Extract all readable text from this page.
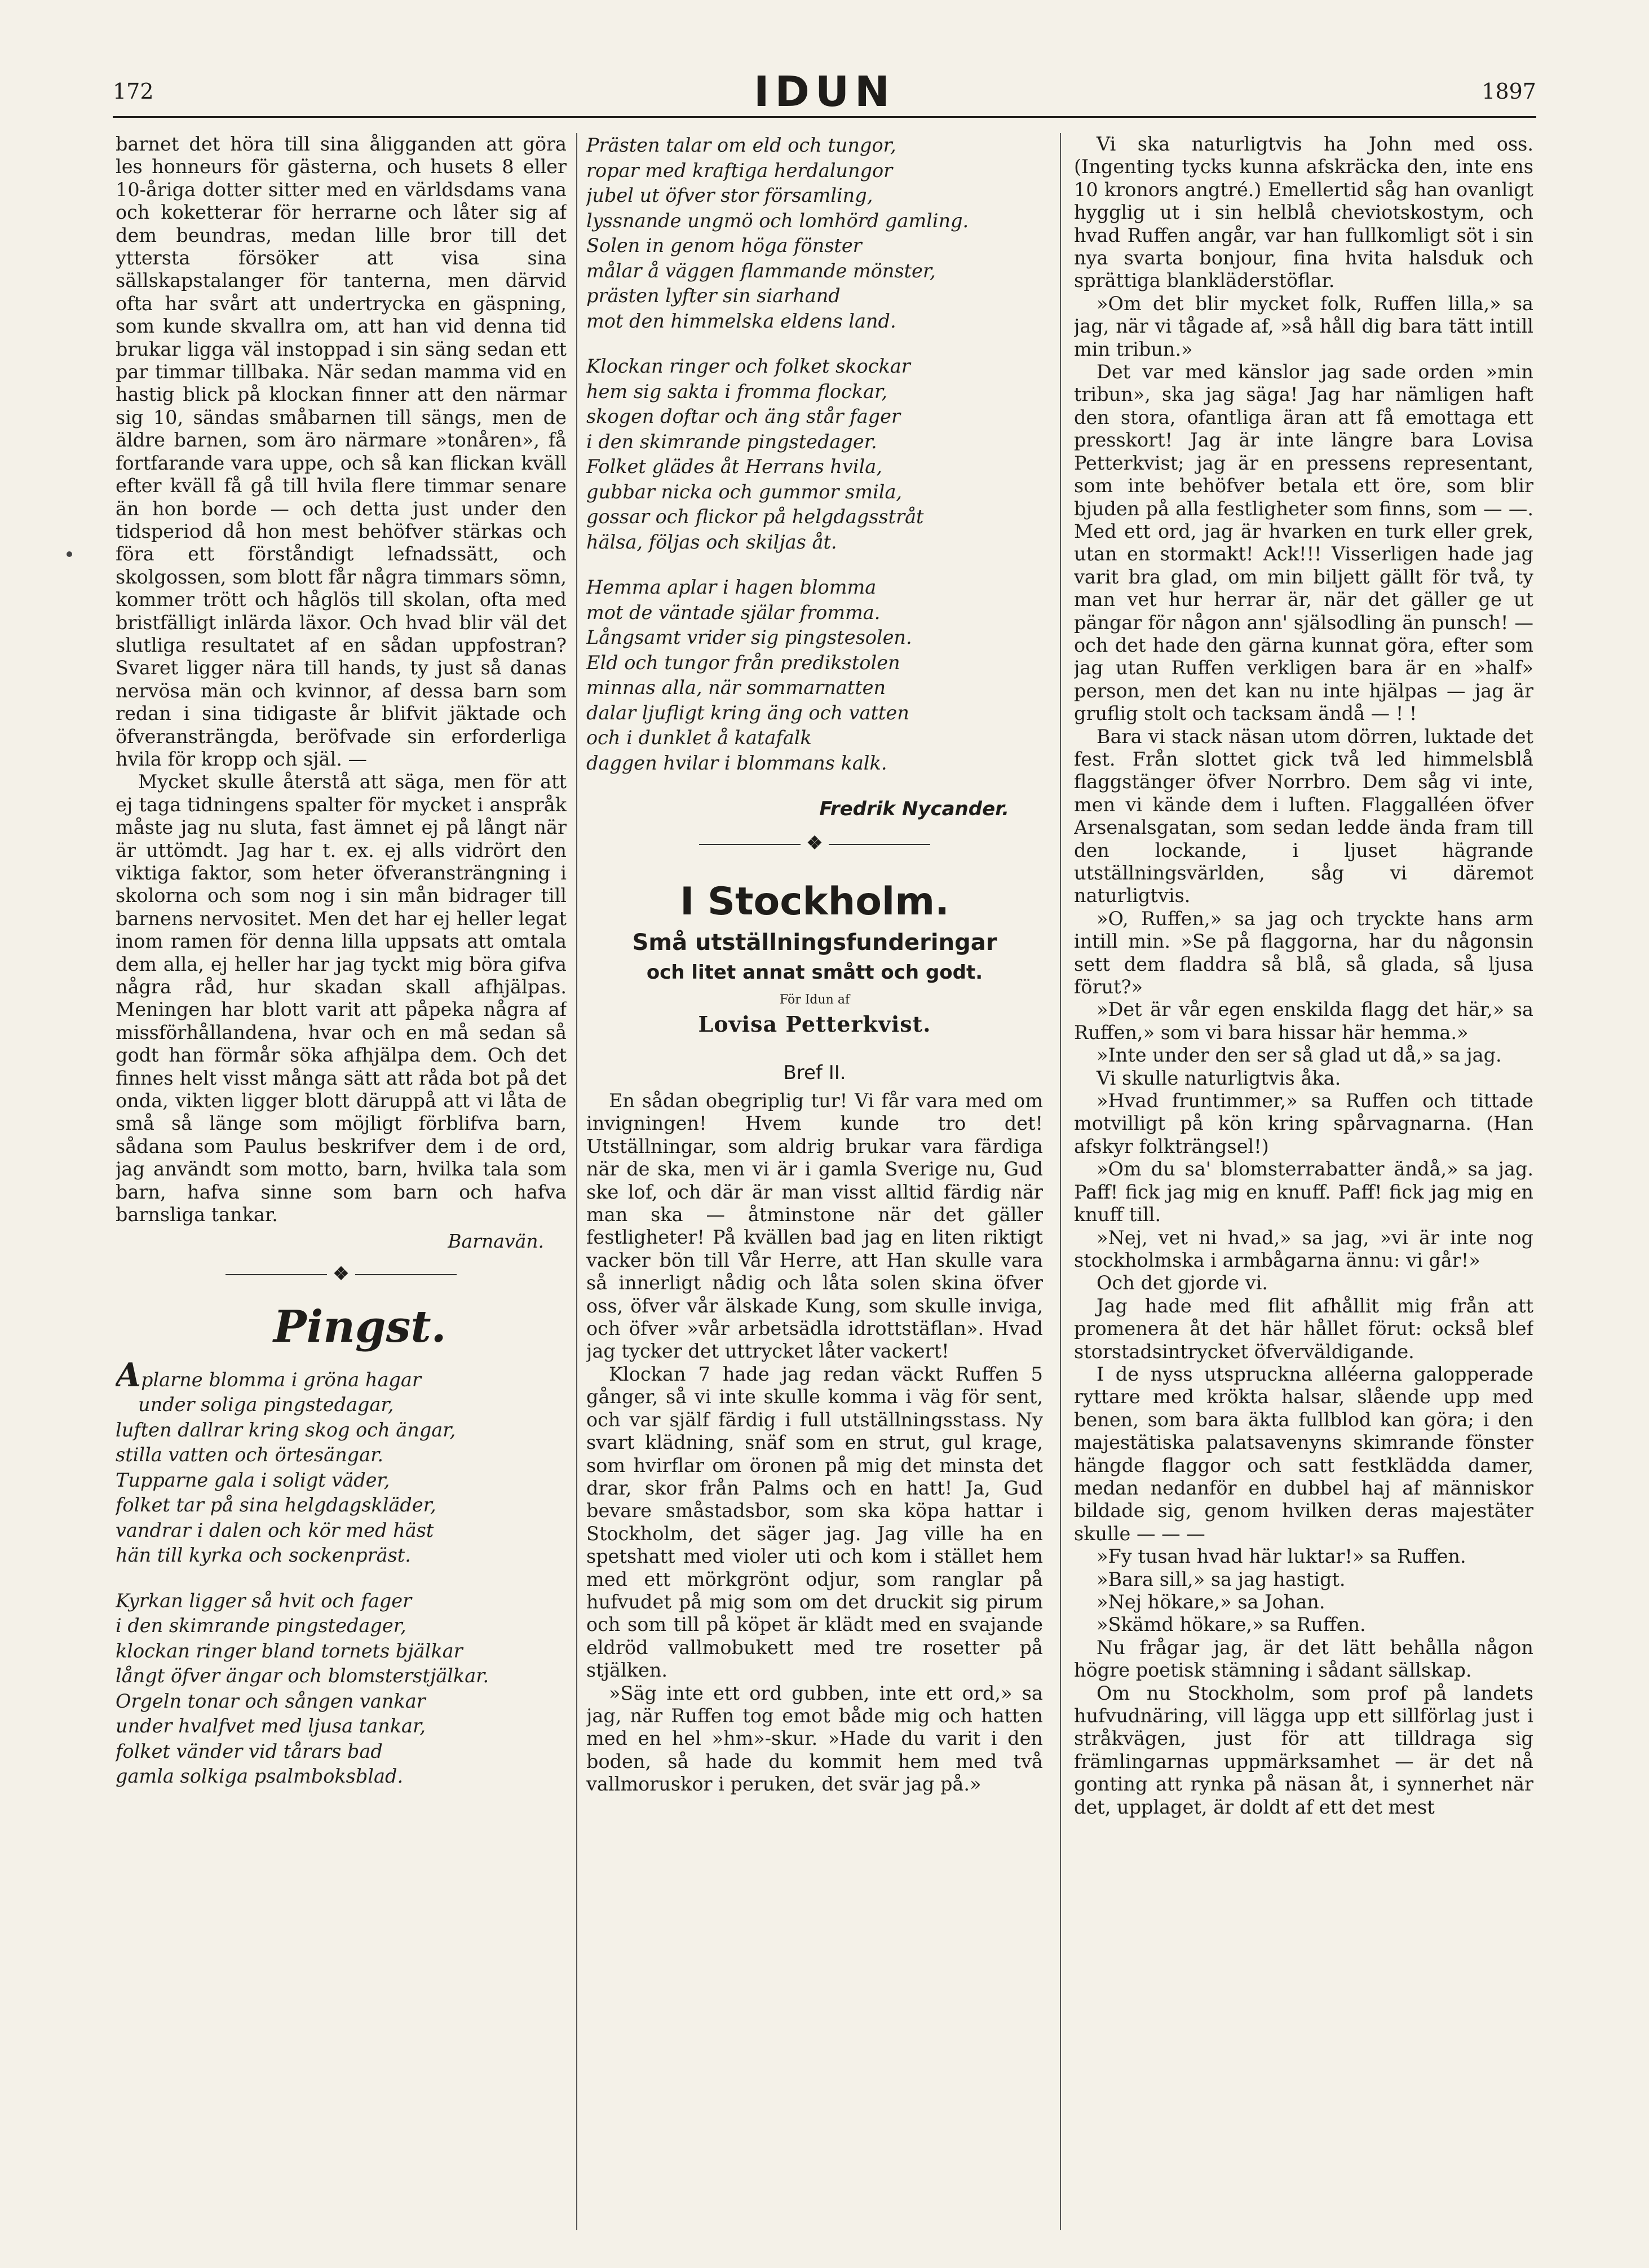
172	IDUN	1897

barnet det höra till sina åligganden att göra les honneurs för gästerna, och husets 8 eller 10-åriga dotter sitter med en världsdams vana och koketterar för herrarne och låter sig af dem beundras, medan lille bror till det yttersta försöker att visa sina sällskapstalanger för tanterna, men därvid ofta har svårt att undertrycka en gäspning, som kunde skvallra om, att han vid denna tid brukar ligga väl instoppad i sin säng sedan ett par timmar tillbaka. När sedan mamma vid en hastig blick på klockan finner att den närmar sig 10, sändas småbarnen till sängs, men de äldre barnen, som äro närmare »tonåren», få fortfarande vara uppe, och så kan flickan kväll efter kväll få gå till hvila flere timmar senare än hon borde — och detta just under den tidsperiod då hon mest behöfver stärkas och föra ett förståndigt lefnadssätt, och skolgossen, som blott får några timmars sömn, kommer trött och håglös till skolan, ofta med bristfälligt inlärda läxor. Och hvad blir väl det slutliga resultatet af en sådan uppfostran? Svaret ligger nära till hands, ty just så danas nervösa män och kvinnor, af dessa barn som redan i sina tidigaste år blifvit jäktade och öfveransträngda, beröfvade sin erforderliga hvila för kropp och själ. —

Mycket skulle återstå att säga, men för att ej taga tidningens spalter för mycket i anspråk måste jag nu sluta, fast ämnet ej på långt när är uttömdt. Jag har t. ex. ej alls vidrört den viktiga faktor, som heter öfveransträngning i skolorna och som nog i sin mån bidrager till barnens nervositet. Men det har ej heller legat inom ramen för denna lilla uppsats att omtala dem alla, ej heller har jag tyckt mig böra gifva några råd, hur skadan skall afhjälpas. Meningen har blott varit att påpeka några af missförhållandena, hvar och en må sedan så godt han förmår söka afhjälpa dem. Och det finnes helt visst många sätt att råda bot på det onda, vikten ligger blott däruppå att vi låta de små så länge som möjligt förblifva barn, sådana som Paulus beskrifver dem i de ord, jag användt som motto, barn, hvilka tala som barn, hafva sinne som barn och hafva barnsliga tankar.

Barnavän.
❖
Pingst.
Aplarne blomma i gröna hagar
under soliga pingstedagar,
luften dallrar kring skog och ängar,
stilla vatten och örtesängar.
Tupparne gala i soligt väder,
folket tar på sina helgdagskläder,
vandrar i dalen och kör med häst
hän till kyrka och sockenpräst.
Kyrkan ligger så hvit och fager
i den skimrande pingstedager,
klockan ringer bland tornets bjälkar
långt öfver ängar och blomsterstjälkar.
Orgeln tonar och sången vankar
under hvalfvet med ljusa tankar,
folket vänder vid tårars bad
gamla solkiga psalmboksblad.
Prästen talar om eld och tungor,
ropar med kraftiga herdalungor
jubel ut öfver stor församling,
lyssnande ungmö och lomhörd gamling.
Solen in genom höga fönster
målar å väggen flammande mönster,
prästen lyfter sin siarhand
mot den himmelska eldens land.
Klockan ringer och folket skockar
hem sig sakta i fromma flockar,
skogen doftar och äng står fager
i den skimrande pingstedager.
Folket glädes åt Herrans hvila,
gubbar nicka och gummor smila,
gossar och flickor på helgdagsstråt
hälsa, följas och skiljas åt.
Hemma aplar i hagen blomma
mot de väntade själar fromma.
Långsamt vrider sig pingstesolen.
Eld och tungor från predikstolen
minnas alla, när sommarnatten
dalar ljufligt kring äng och vatten
och i dunklet å katafalk
daggen hvilar i blommans kalk.
Fredrik Nycander.
❖
I Stockholm.
Små utställningsfunderingar
och litet annat smått och godt.
För Idun af
Lovisa Petterkvist.
Bref II.

En sådan obegriplig tur! Vi får vara med om invigningen! Hvem kunde tro det! Utställningar, som aldrig brukar vara färdiga när de ska, men vi är i gamla Sverige nu, Gud ske lof, och där är man visst alltid färdig när man ska — åtminstone när det gäller festligheter! På kvällen bad jag en liten riktigt vacker bön till Vår Herre, att Han skulle vara så innerligt nådig och låta solen skina öfver oss, öfver vår älskade Kung, som skulle inviga, och öfver »vår arbetsädla idrottstäflan». Hvad jag tycker det uttrycket låter vackert!

Klockan 7 hade jag redan väckt Ruffen 5 gånger, så vi inte skulle komma i väg för sent, och var själf färdig i full utställningsstass. Ny svart klädning, snäf som en strut, gul krage, som hvirflar om öronen på mig det minsta det drar, skor från Palms och en hatt! Ja, Gud bevare småstadsbor, som ska köpa hattar i Stockholm, det säger jag. Jag ville ha en spetshatt med violer uti och kom i stället hem med ett mörkgrönt odjur, som ranglar på hufvudet på mig som om det druckit sig pirum och som till på köpet är klädt med en svajande eldröd vallmobukett med tre rosetter på stjälken.

»Säg inte ett ord gubben, inte ett ord,» sa jag, när Ruffen tog emot både mig och hatten med en hel »hm»-skur. »Hade du varit i den boden, så hade du kommit hem med två vallmoruskor i peruken, det svär jag på.»

Vi ska naturligtvis ha John med oss. (Ingenting tycks kunna afskräcka den, inte ens 10 kronors angtré.) Emellertid såg han ovanligt hygglig ut i sin helblå cheviotskostym, och hvad Ruffen angår, var han fullkomligt söt i sin nya svarta bonjour, fina hvita halsduk och sprättiga blankläderstöflar.

»Om det blir mycket folk, Ruffen lilla,» sa jag, när vi tågade af, »så håll dig bara tätt intill min tribun.»

Det var med känslor jag sade orden »min tribun», ska jag säga! Jag har nämligen haft den stora, ofantliga äran att få emottaga ett presskort! Jag är inte längre bara Lovisa Petterkvist; jag är en pressens representant, som inte behöfver betala ett öre, som blir bjuden på alla festligheter som finns, som — —. Med ett ord, jag är hvarken en turk eller grek, utan en stormakt! Ack!!! Visserligen hade jag varit bra glad, om min biljett gällt för två, ty man vet hur herrar är, när det gäller ge ut pängar för någon ann' själsodling än punsch! — och det hade den gärna kunnat göra, efter som jag utan Ruffen verkligen bara är en »half» person, men det kan nu inte hjälpas — jag är gruflig stolt och tacksam ändå — ! !

Bara vi stack näsan utom dörren, luktade det fest. Från slottet gick två led himmelsblå flaggstänger öfver Norrbro. Dem såg vi inte, men vi kände dem i luften. Flaggalléen öfver Arsenalsgatan, som sedan ledde ända fram till den lockande, i ljuset hägrande utställningsvärlden, såg vi däremot naturligtvis.

»O, Ruffen,» sa jag och tryckte hans arm intill min. »Se på flaggorna, har du någonsin sett dem fladdra så blå, så glada, så ljusa förut?»

»Det är vår egen enskilda flagg det här,» sa Ruffen,» som vi bara hissar här hemma.»

»Inte under den ser så glad ut då,» sa jag.

Vi skulle naturligtvis åka.

»Hvad fruntimmer,» sa Ruffen och tittade motvilligt på kön kring spårvagnarna. (Han afskyr folkträngsel!)

»Om du sa' blomsterrabatter ändå,» sa jag. Paff! fick jag mig en knuff. Paff! fick jag mig en knuff till.

»Nej, vet ni hvad,» sa jag, »vi är inte nog stockholmska i armbågarna ännu: vi går!»

Och det gjorde vi.

Jag hade med flit afhållit mig från att promenera åt det här hållet förut: också blef storstadsintrycket öfverväldigande.

I de nyss utspruckna alléerna galopperade ryttare med krökta halsar, slående upp med benen, som bara äkta fullblod kan göra; i den majestätiska palatsavenyns skimrande fönster hängde flaggor och satt festklädda damer, medan nedanför en dubbel haj af människor bildade sig, genom hvilken deras majestäter skulle — — —

»Fy tusan hvad här luktar!» sa Ruffen.

»Bara sill,» sa jag hastigt.

»Nej hökare,» sa Johan.

»Skämd hökare,» sa Ruffen.

Nu frågar jag, är det lätt behålla någon högre poetisk stämning i sådant sällskap.

Om nu Stockholm, som prof på landets hufvudnäring, vill lägga upp ett sillförlag just i stråkvägen, just för att tilldraga sig främlingarnas uppmärksamhet — är det nå gonting att rynka på näsan åt, i synnerhet när det, upplaget, är doldt af ett det mest
